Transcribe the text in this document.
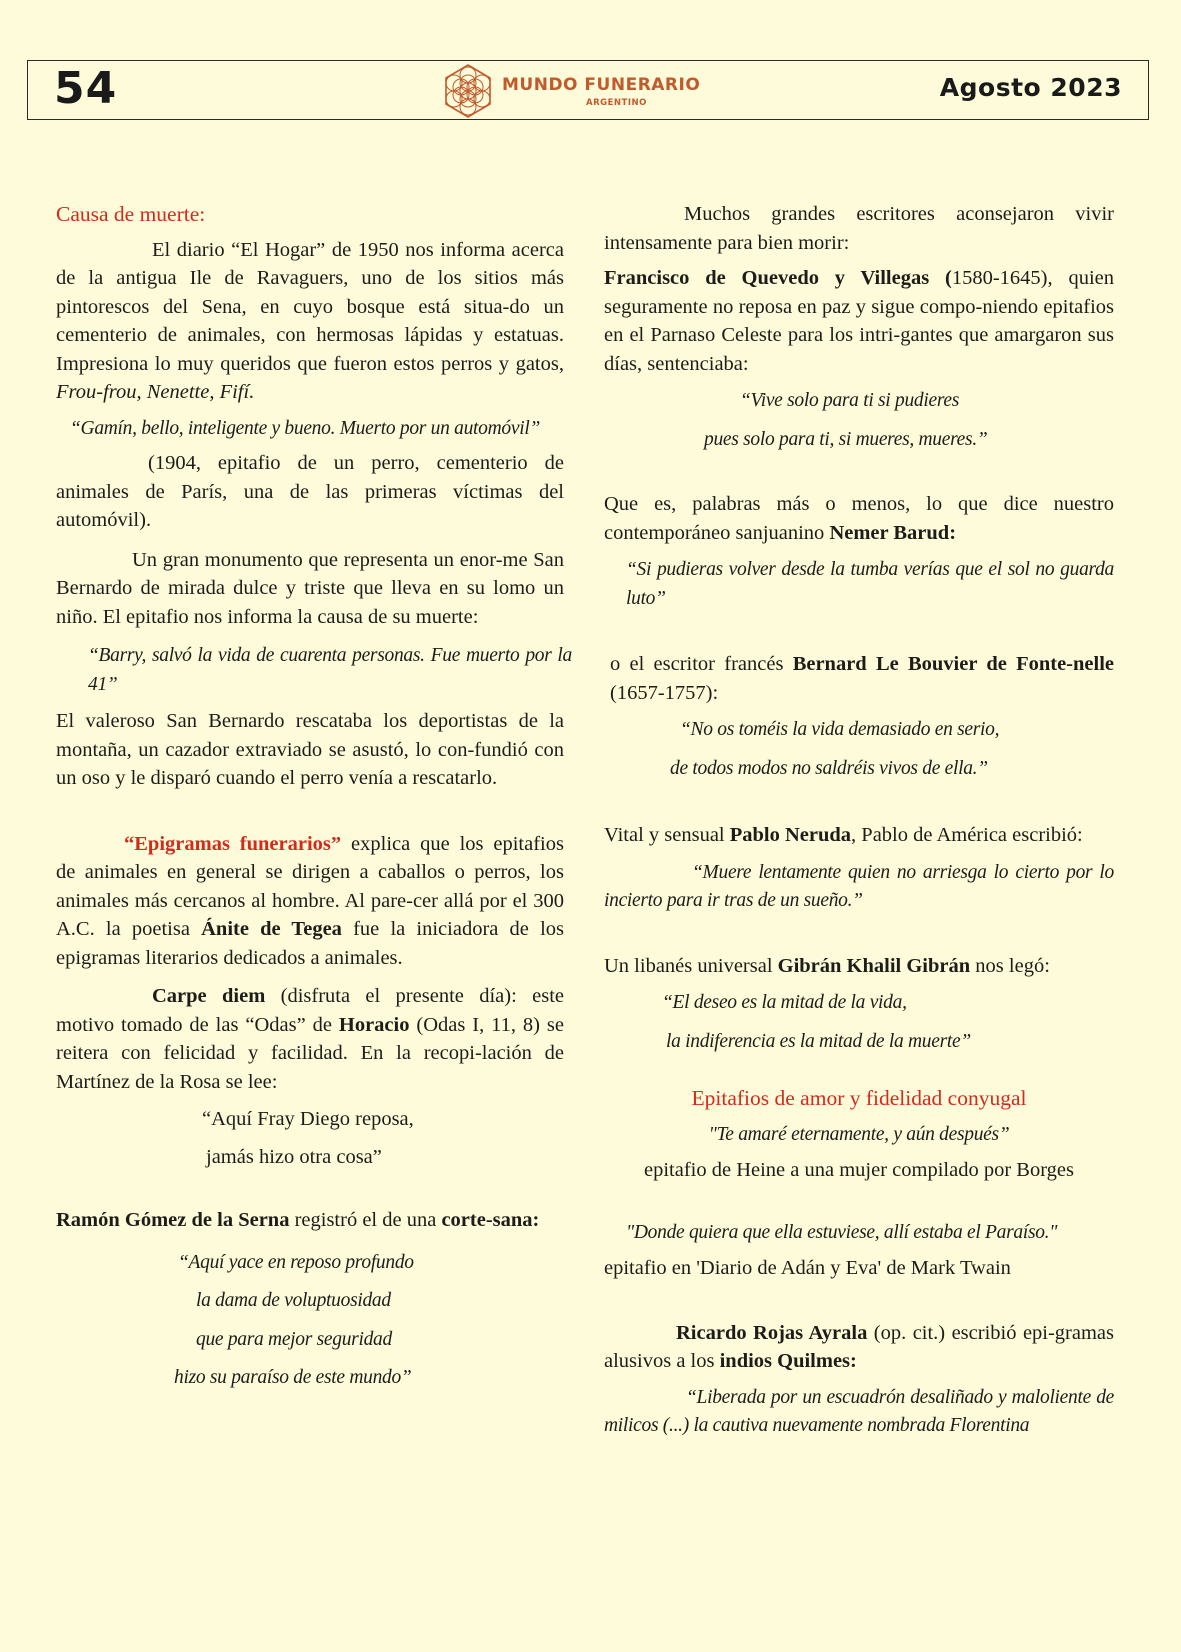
54	MUNDO FUNERARIO
ARGENTINO
Agosto 2023

Causa de muerte:

El diario “El Hogar” de 1950 nos informa acerca de la antigua Ile de Ravaguers, uno de los sitios más pintorescos del Sena, en cuyo bosque está situa-do un cementerio de animales, con hermosas lápidas y estatuas. Impresiona lo muy queridos que fueron estos perros y gatos, Frou-frou, Nenette, Fifí.

“Gamín, bello, inteligente y bueno. Muerto por un automóvil”

(1904, epitafio de un perro, cementerio de animales de París, una de las primeras víctimas del automóvil).

Un gran monumento que representa un enor-me San Bernardo de mirada dulce y triste que lleva en su lomo un niño. El epitafio nos informa la causa de su muerte:

“Barry, salvó la vida de cuarenta personas. Fue muerto por la 41”

El valeroso San Bernardo rescataba los deportistas de la montaña, un cazador extraviado se asustó, lo con-fundió con un oso y le disparó cuando el perro venía a rescatarlo.

“Epigramas funerarios” explica que los epitafios de animales en general se dirigen a caballos o perros, los animales más cercanos al hombre. Al pare-cer allá por el 300 A.C. la poetisa Ánite de Tegea fue la iniciadora de los epigramas literarios dedicados a animales.

Carpe diem (disfruta el presente día): este motivo tomado de las “Odas” de Horacio (Odas I, 11, 8) se reitera con felicidad y facilidad. En la recopi-lación de Martínez de la Rosa se lee:

“Aquí Fray Diego reposa,

jamás hizo otra cosa”

Ramón Gómez de la Serna registró el de una corte-sana:

“Aquí yace en reposo profundo

la dama de voluptuosidad

que para mejor seguridad

hizo su paraíso de este mundo”

Muchos grandes escritores aconsejaron vivir intensamente para bien morir:

Francisco de Quevedo y Villegas (1580-1645), quien seguramente no reposa en paz y sigue compo-niendo epitafios en el Parnaso Celeste para los intri-gantes que amargaron sus días, sentenciaba:

“Vive solo para ti si pudieres

pues solo para ti, si mueres, mueres.”

Que es, palabras más o menos, lo que dice nuestro contemporáneo sanjuanino Nemer Barud:

“Si pudieras volver desde la tumba verías que el sol no guarda luto”

o el escritor francés Bernard Le Bouvier de Fonte-nelle (1657-1757):

“No os toméis la vida demasiado en serio,

de todos modos no saldréis vivos de ella.”

Vital y sensual Pablo Neruda, Pablo de América escribió:

“Muere lentamente quien no arriesga lo cierto por lo incierto para ir tras de un sueño.”

Un libanés universal Gibrán Khalil Gibrán nos legó:

“El deseo es la mitad de la vida,

la indiferencia es la mitad de la muerte”

Epitafios de amor y fidelidad conyugal

"Te amaré eternamente, y aún después”

epitafio de Heine a una mujer compilado por Borges

"Donde quiera que ella estuviese, allí estaba el Paraíso."

epitafio en 'Diario de Adán y Eva' de Mark Twain

Ricardo Rojas Ayrala (op. cit.) escribió epi-gramas alusivos a los indios Quilmes:

“Liberada por un escuadrón desaliñado y maloliente de milicos (...) la cautiva nuevamente nombrada Florentina
